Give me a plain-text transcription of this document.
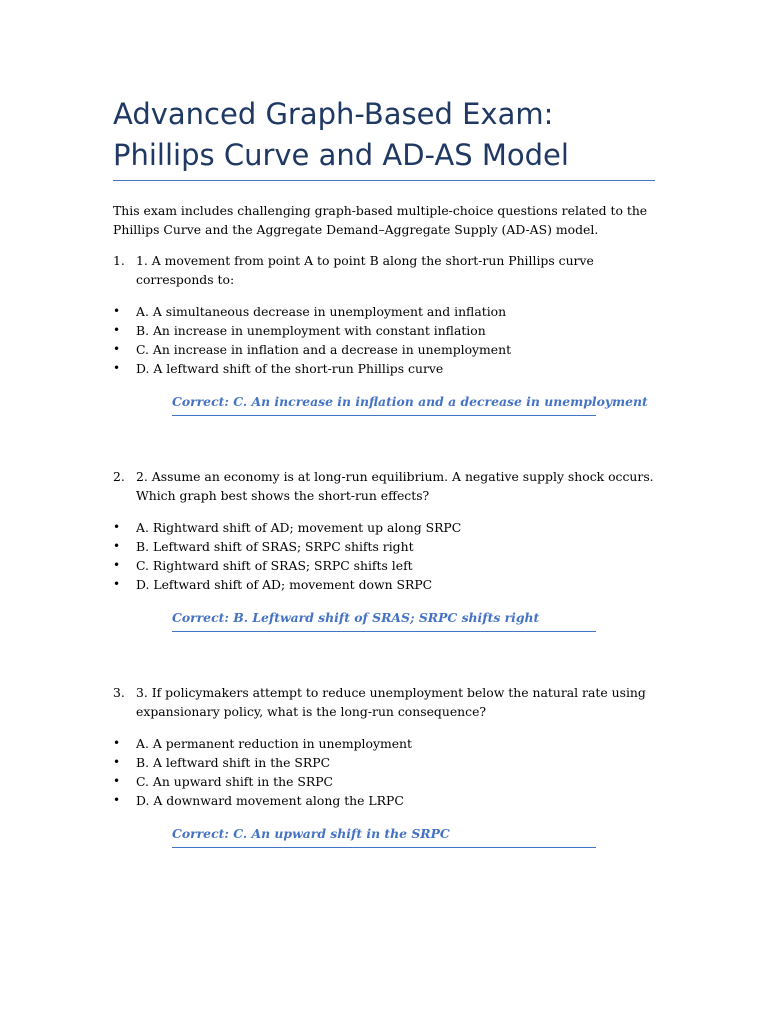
Advanced Graph-Based Exam: Phillips Curve and AD-AS Model

This exam includes challenging graph-based multiple-choice questions related to the Phillips Curve and the Aggregate Demand–Aggregate Supply (AD-AS) model.

1. 1. A movement from point A to point B along the short-run Phillips curve corresponds to:
• A. A simultaneous decrease in unemployment and inflation
• B. An increase in unemployment with constant inflation
• C. An increase in inflation and a decrease in unemployment
• D. A leftward shift of the short-run Phillips curve
Correct: C. An increase in inflation and a decrease in unemployment
2. 2. Assume an economy is at long-run equilibrium. A negative supply shock occurs. Which graph best shows the short-run effects?
• A. Rightward shift of AD; movement up along SRPC
• B. Leftward shift of SRAS; SRPC shifts right
• C. Rightward shift of SRAS; SRPC shifts left
• D. Leftward shift of AD; movement down SRPC
Correct: B. Leftward shift of SRAS; SRPC shifts right
3. 3. If policymakers attempt to reduce unemployment below the natural rate using expansionary policy, what is the long-run consequence?
• A. A permanent reduction in unemployment
• B. A leftward shift in the SRPC
• C. An upward shift in the SRPC
• D. A downward movement along the LRPC
Correct: C. An upward shift in the SRPC
